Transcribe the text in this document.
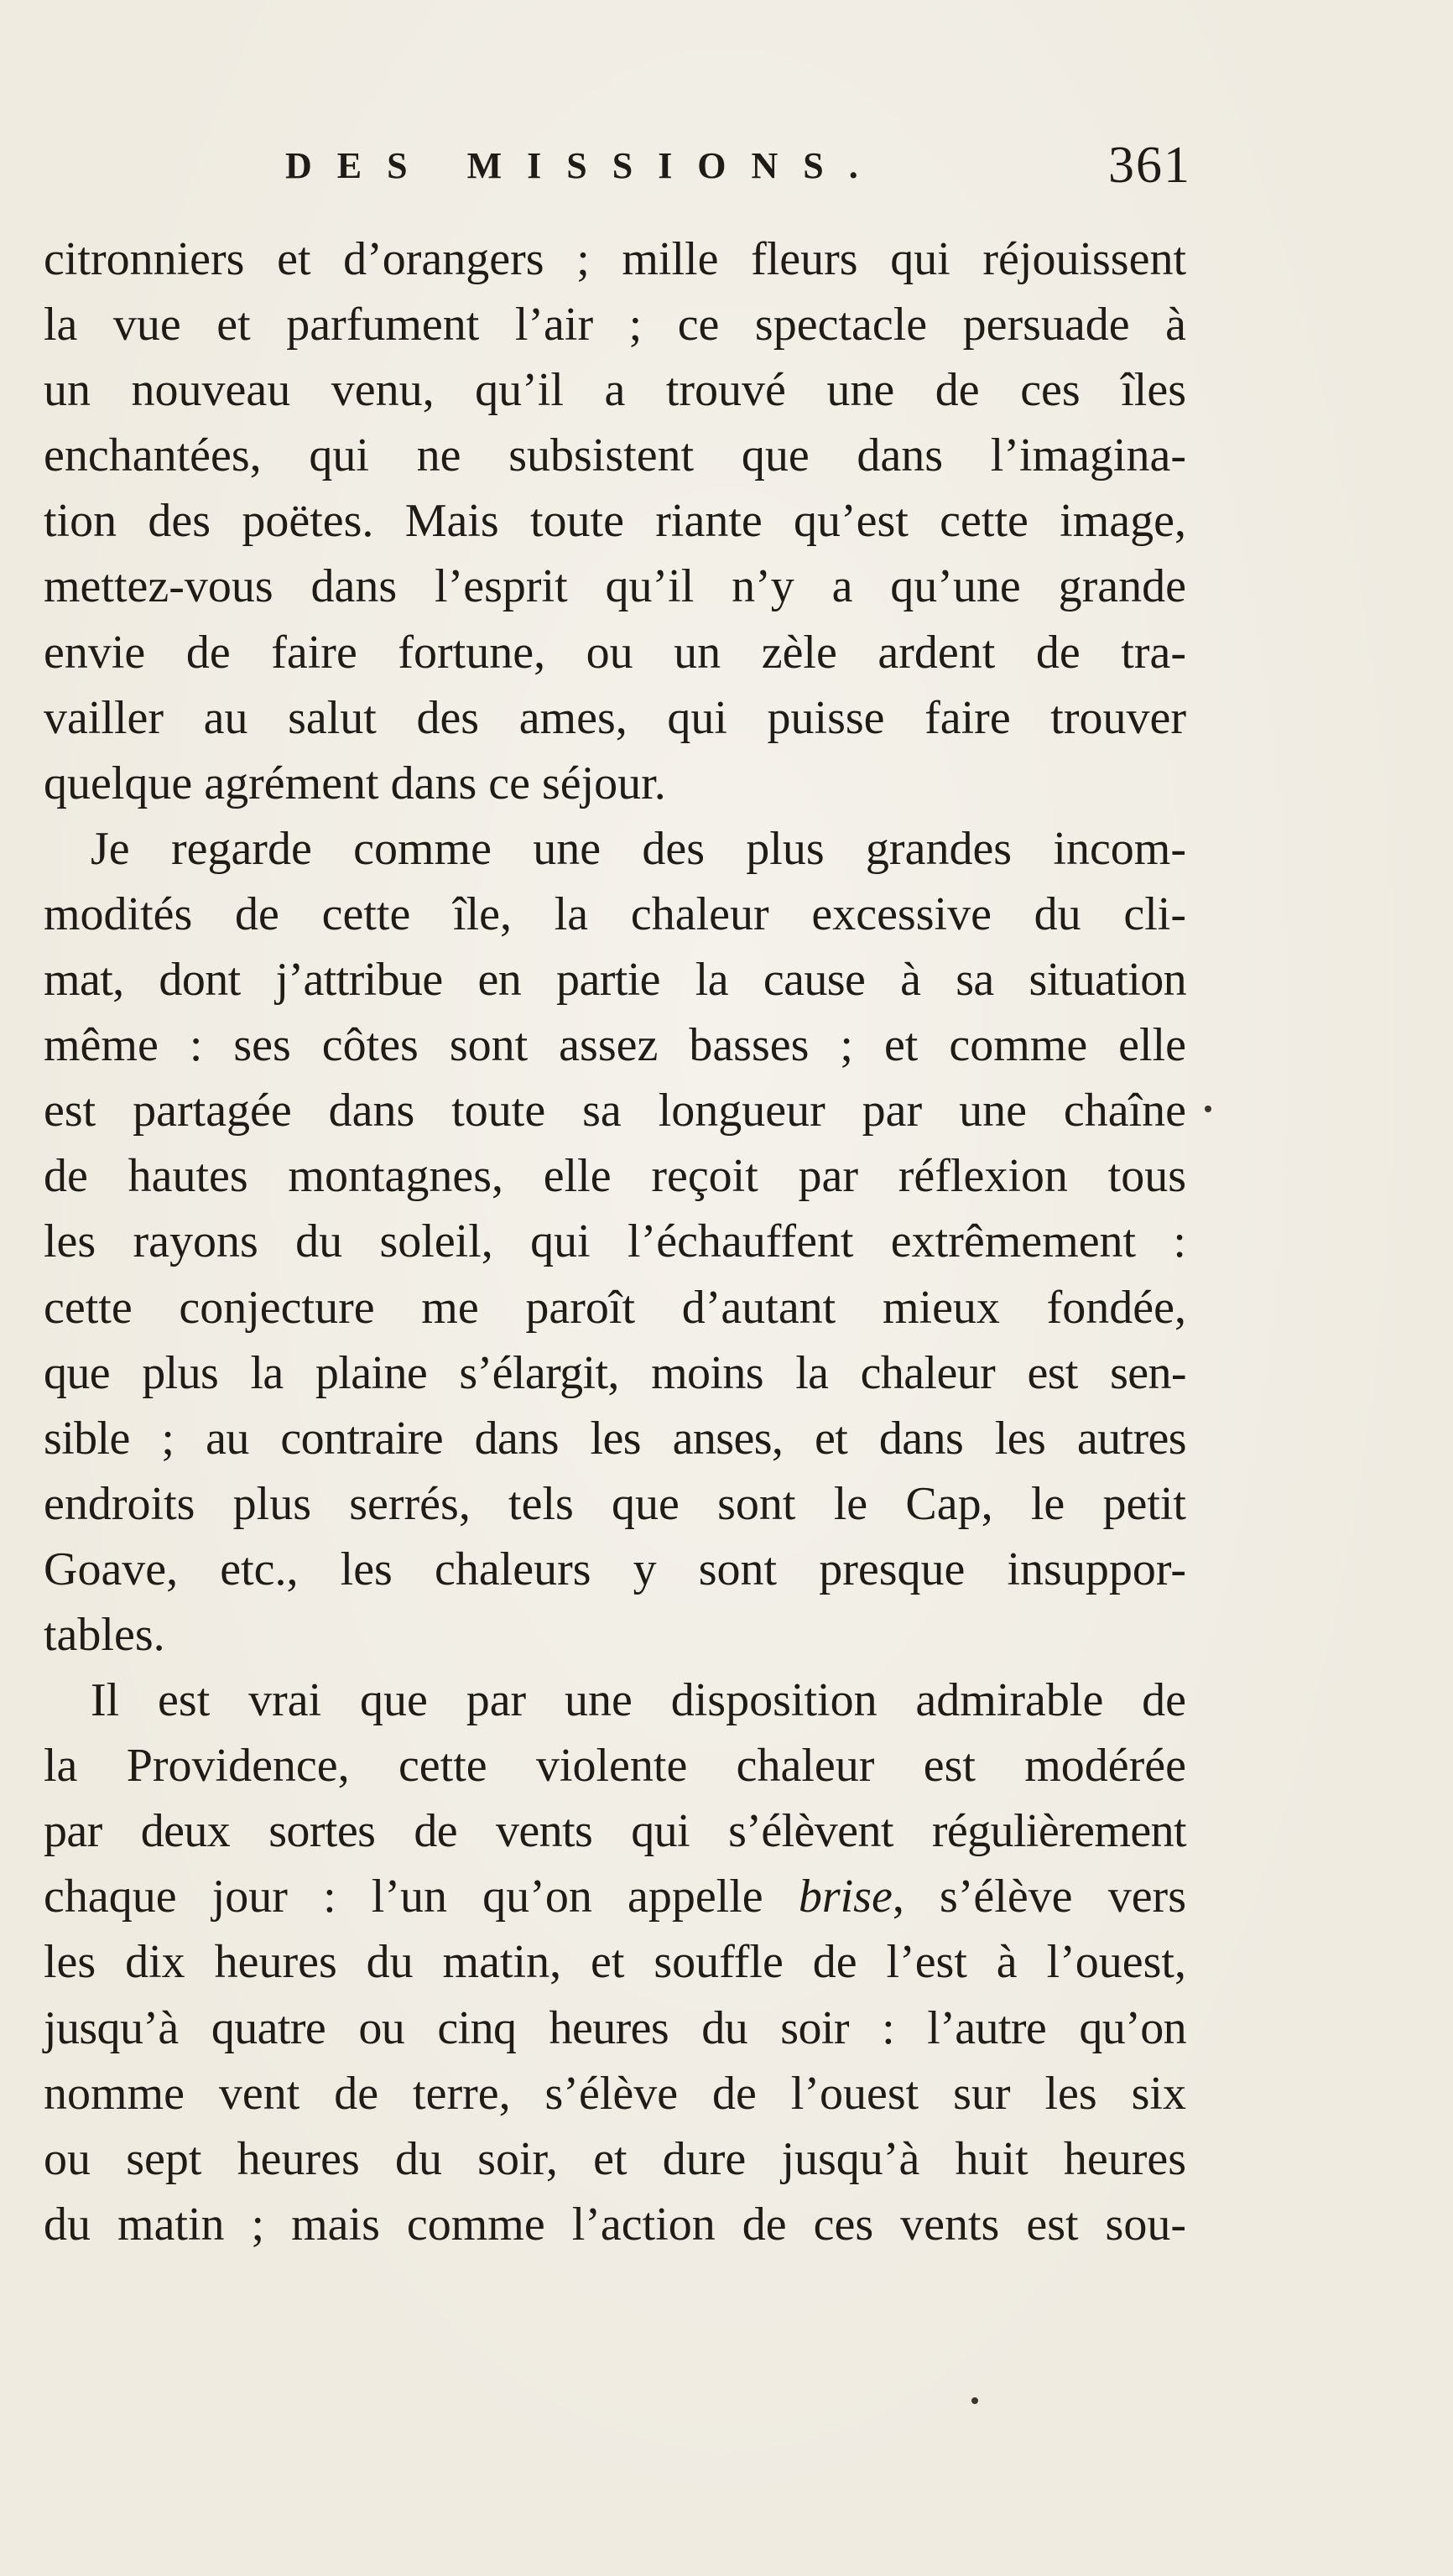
DES MISSIONS.	361
citronniers et d’orangers ; mille fleurs qui réjouissent
la vue et parfument l’air ; ce spectacle persuade à
un nouveau venu, qu’il a trouvé une de ces îles
enchantées, qui ne subsistent que dans l’imagina-
tion des poëtes. Mais toute riante qu’est cette image,
mettez-vous dans l’esprit qu’il n’y a qu’une grande
envie de faire fortune, ou un zèle ardent de tra-
vailler au salut des ames, qui puisse faire trouver
quelque agrément dans ce séjour.
Je regarde comme une des plus grandes incom-
modités de cette île, la chaleur excessive du cli-
mat, dont j’attribue en partie la cause à sa situation
même : ses côtes sont assez basses ; et comme elle
est partagée dans toute sa longueur par une chaîne
de hautes montagnes, elle reçoit par réflexion tous
les rayons du soleil, qui l’échauffent extrêmement :
cette conjecture me paroît d’autant mieux fondée,
que plus la plaine s’élargit, moins la chaleur est sen-
sible ; au contraire dans les anses, et dans les autres
endroits plus serrés, tels que sont le Cap, le petit
Goave, etc., les chaleurs y sont presque insuppor-
tables.
Il est vrai que par une disposition admirable de
la Providence, cette violente chaleur est modérée
par deux sortes de vents qui s’élèvent régulièrement
chaque jour : l’un qu’on appelle brise, s’élève vers
les dix heures du matin, et souffle de l’est à l’ouest,
jusqu’à quatre ou cinq heures du soir : l’autre qu’on
nomme vent de terre, s’élève de l’ouest sur les six
ou sept heures du soir, et dure jusqu’à huit heures
du matin ; mais comme l’action de ces vents est sou-
